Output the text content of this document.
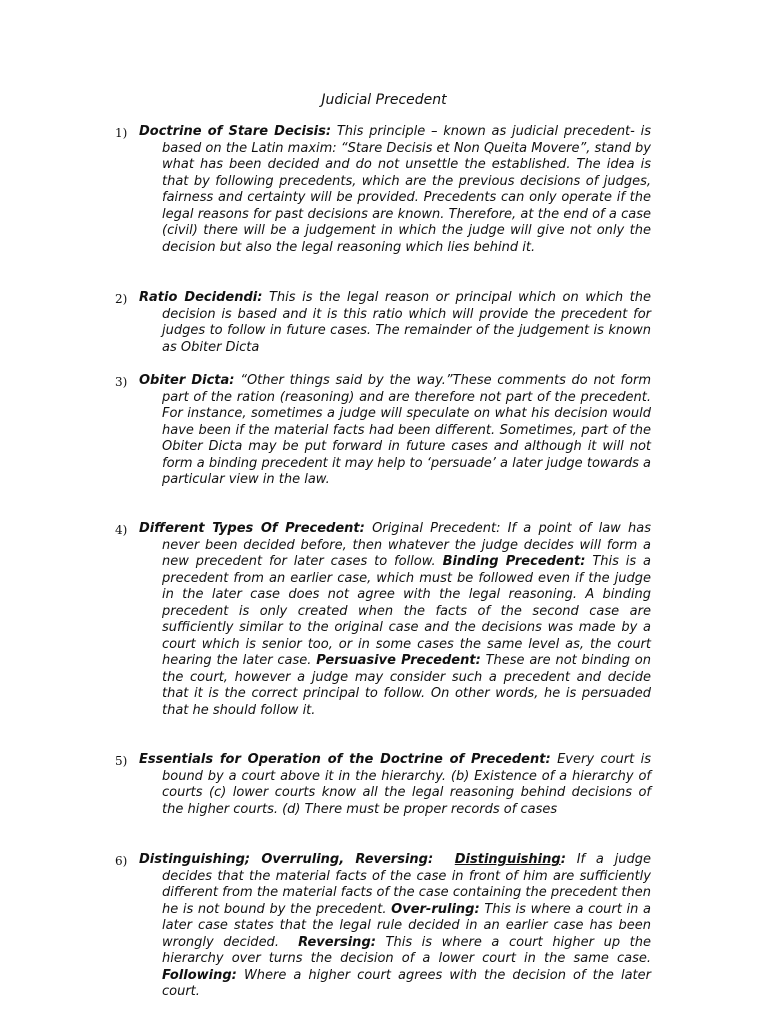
Judicial Precedent
1) Doctrine of Stare Decisis: This principle – known as judicial precedent- is based on the Latin maxim: “Stare Decisis et Non Queita Movere”, stand by what has been decided and do not unsettle the established. The idea is that by following precedents, which are the previous decisions of judges, fairness and certainty will be provided. Precedents can only operate if the legal reasons for past decisions are known. Therefore, at the end of a case (civil) there will be a judgement in which the judge will give not only the decision but also the legal reasoning which lies behind it.
2) Ratio Decidendi: This is the legal reason or principal which on which the decision is based and it is this ratio which will provide the precedent for judges to follow in future cases. The remainder of the judgement is known as Obiter Dicta
3) Obiter Dicta: “Other things said by the way.”These comments do not form part of the ration (reasoning) and are therefore not part of the precedent. For instance, sometimes a judge will speculate on what his decision would have been if the material facts had been different. Sometimes, part of the Obiter Dicta may be put forward in future cases and although it will not form a binding precedent it may help to ‘persuade’ a later judge towards a particular view in the law.
4) Different Types Of Precedent: Original Precedent: If a point of law has never been decided before, then whatever the judge decides will form a new precedent for later cases to follow. Binding Precedent: This is a precedent from an earlier case, which must be followed even if the judge in the later case does not agree with the legal reasoning. A binding precedent is only created when the facts of the second case are sufficiently similar to the original case and the decisions was made by a court which is senior too, or in some cases the same level as, the court hearing the later case. Persuasive Precedent: These are not binding on the court, however a judge may consider such a precedent and decide that it is the correct principal to follow. On other words, he is persuaded that he should follow it.
5) Essentials for Operation of the Doctrine of Precedent: Every court is bound by a court above it in the hierarchy. (b) Existence of a hierarchy of courts (c) lower courts know all the legal reasoning behind decisions of the higher courts. (d) There must be proper records of cases
6) Distinguishing; Overruling, Reversing: Distinguishing: If a judge decides that the material facts of the case in front of him are sufficiently different from the material facts of the case containing the precedent then he is not bound by the precedent. Over-ruling: This is where a court in a later case states that the legal rule decided in an earlier case has been wrongly decided. Reversing: This is where a court higher up the hierarchy over turns the decision of a lower court in the same case. Following: Where a higher court agrees with the decision of the later court.
